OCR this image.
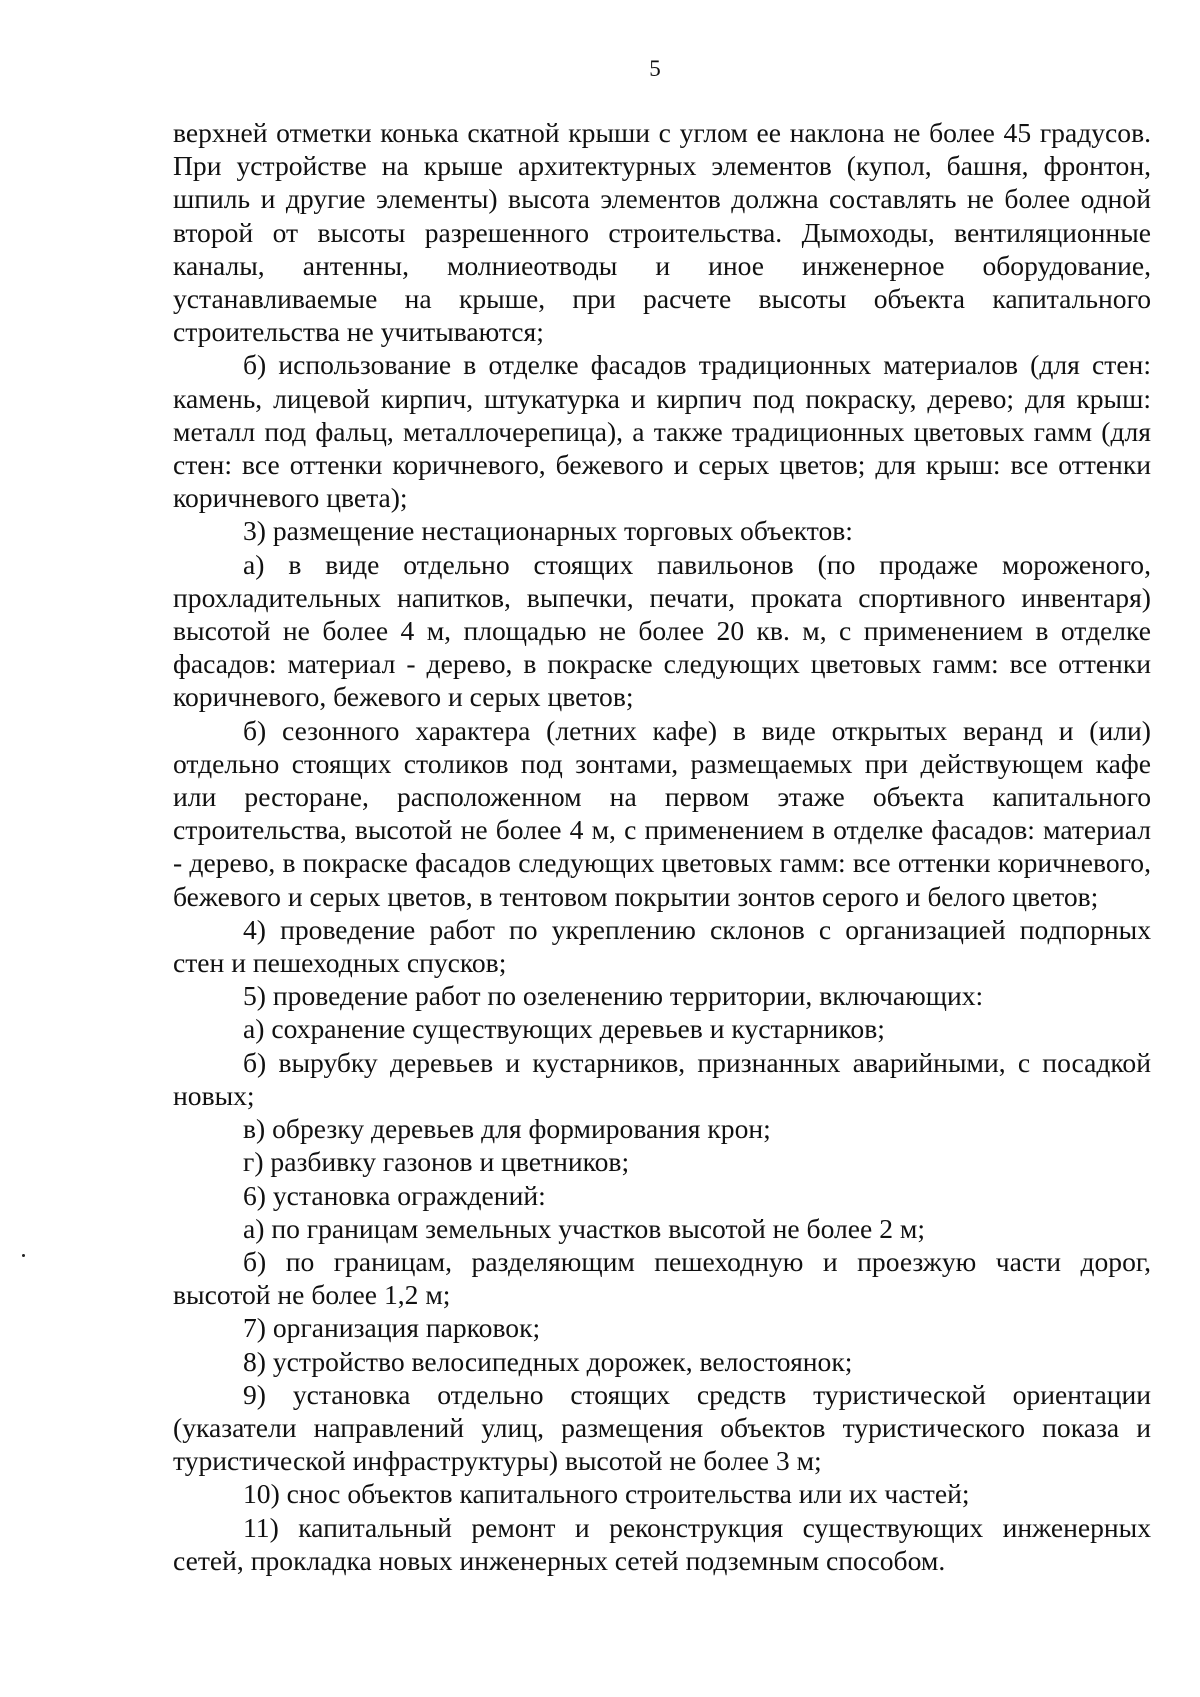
5

верхней отметки конька скатной крыши с углом ее наклона не более 45 градусов. При устройстве на крыше архитектурных элементов (купол, башня, фронтон, шпиль и другие элементы) высота элементов должна составлять не более одной второй от высоты разрешенного строительства. Дымоходы, вентиляционные каналы, антенны, молниеотводы и иное инженерное оборудование, устанавливаемые на крыше, при расчете высоты объекта капитального строительства не учитываются;

б) использование в отделке фасадов традиционных материалов (для стен: камень, лицевой кирпич, штукатурка и кирпич под покраску, дерево; для крыш: металл под фальц, металлочерепица), а также традиционных цветовых гамм (для стен: все оттенки коричневого, бежевого и серых цветов; для крыш: все оттенки коричневого цвета);

3) размещение нестационарных торговых объектов:

а) в виде отдельно стоящих павильонов (по продаже мороженого, прохладительных напитков, выпечки, печати, проката спортивного инвентаря) высотой не более 4 м, площадью не более 20 кв. м, с применением в отделке фасадов: материал - дерево, в покраске следующих цветовых гамм: все оттенки коричневого, бежевого и серых цветов;

б) сезонного характера (летних кафе) в виде открытых веранд и (или) отдельно стоящих столиков под зонтами, размещаемых при действующем кафе или ресторане, расположенном на первом этаже объекта капитального строительства, высотой не более 4 м, с применением в отделке фасадов: материал - дерево, в покраске фасадов следующих цветовых гамм: все оттенки коричневого, бежевого и серых цветов, в тентовом покрытии зонтов серого и белого цветов;

4) проведение работ по укреплению склонов с организацией подпорных стен и пешеходных спусков;

5) проведение работ по озеленению территории, включающих:

а) сохранение существующих деревьев и кустарников;

б) вырубку деревьев и кустарников, признанных аварийными, с посадкой новых;

в) обрезку деревьев для формирования крон;

г) разбивку газонов и цветников;

6) установка ограждений:

а) по границам земельных участков высотой не более 2 м;

б) по границам, разделяющим пешеходную и проезжую части дорог, высотой не более 1,2 м;

7) организация парковок;

8) устройство велосипедных дорожек, велостоянок;

9) установка отдельно стоящих средств туристической ориентации (указатели направлений улиц, размещения объектов туристического показа и туристической инфраструктуры) высотой не более 3 м;

10) снос объектов капитального строительства или их частей;

11) капитальный ремонт и реконструкция существующих инженерных сетей, прокладка новых инженерных сетей подземным способом.
